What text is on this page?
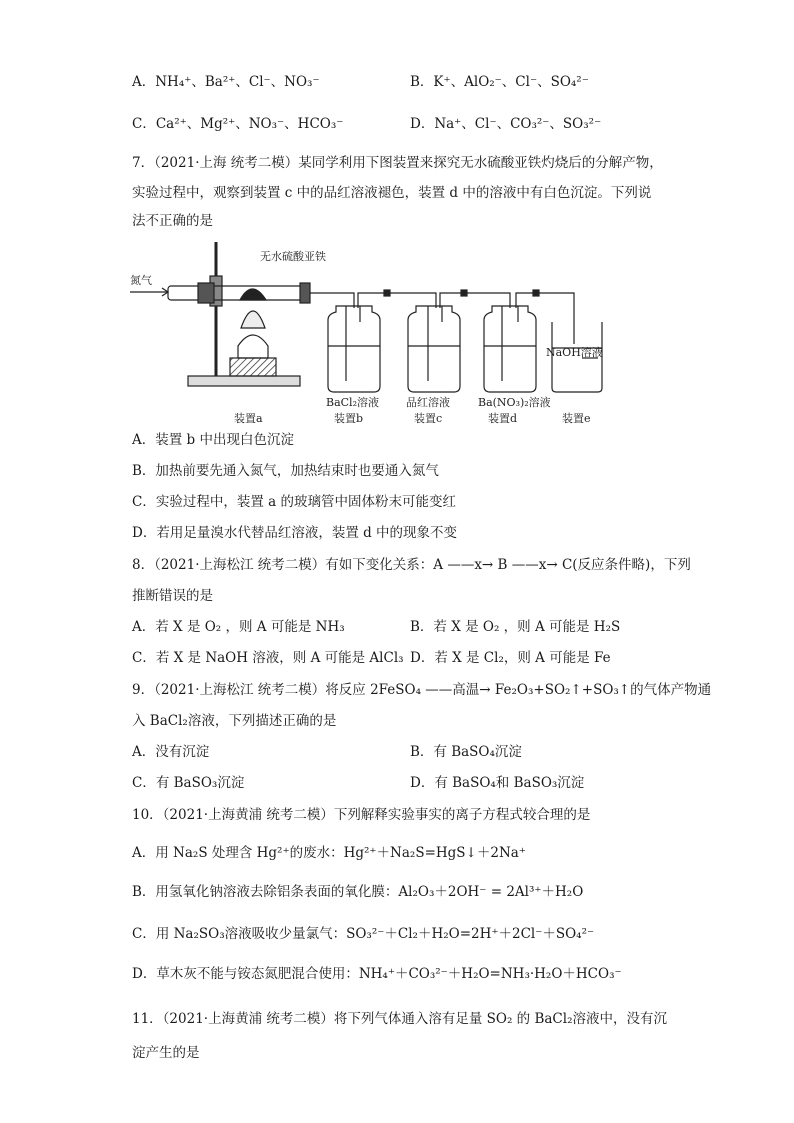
A．NH₄⁺、Ba²⁺、Cl⁻、NO₃⁻	B．K⁺、AlO₂⁻、Cl⁻、SO₄²⁻
C．Ca²⁺、Mg²⁺、NO₃⁻、HCO₃⁻	D．Na⁺、Cl⁻、CO₃²⁻、SO₃²⁻
7．（2021·上海 统考二模）某同学利用下图装置来探究无水硫酸亚铁灼烧后的分解产物，
实验过程中，观察到装置 c 中的品红溶液褪色，装置 d 中的溶液中有白色沉淀。下列说
法不正确的是
无水硫酸亚铁
氮气
NaOH溶液
BaCl₂溶液 品红溶液	Ba(NO₃)₂溶液
装置a	装置b	装置c	装置d	装置e
A．装置 b 中出现白色沉淀
B．加热前要先通入氮气，加热结束时也要通入氮气
C．实验过程中，装置 a 的玻璃管中固体粉末可能变红
D．若用足量溴水代替品红溶液，装置 d 中的现象不变
8．（2021·上海松江 统考二模）有如下变化关系：A ——x→ B ——x→ C(反应条件略)，下列
推断错误的是
A．若 X 是 O₂ ，则 A 可能是 NH₃	B．若 X 是 O₂ ，则 A 可能是 H₂S
C．若 X 是 NaOH 溶液，则 A 可能是 AlCl₃ D．若 X 是 Cl₂，则 A 可能是 Fe
9．（2021·上海松江 统考二模）将反应 2FeSO₄ ——高温→ Fe₂O₃+SO₂↑+SO₃↑的气体产物通
入 BaCl₂溶液，下列描述正确的是
A．没有沉淀	B．有 BaSO₄沉淀
C．有 BaSO₃沉淀	D．有 BaSO₄和 BaSO₃沉淀
10．（2021·上海黄浦 统考二模）下列解释实验事实的离子方程式较合理的是
A．用 Na₂S 处理含 Hg²⁺的废水：Hg²⁺＋Na₂S=HgS↓＋2Na⁺
B．用氢氧化钠溶液去除铝条表面的氧化膜：Al₂O₃＋2OH⁻ = 2Al³⁺＋H₂O
C．用 Na₂SO₃溶液吸收少量氯气：SO₃²⁻＋Cl₂＋H₂O=2H⁺＋2Cl⁻＋SO₄²⁻
D．草木灰不能与铵态氮肥混合使用：NH₄⁺＋CO₃²⁻＋H₂O=NH₃·H₂O＋HCO₃⁻
11．（2021·上海黄浦 统考二模）将下列气体通入溶有足量 SO₂ 的 BaCl₂溶液中，没有沉
淀产生的是
